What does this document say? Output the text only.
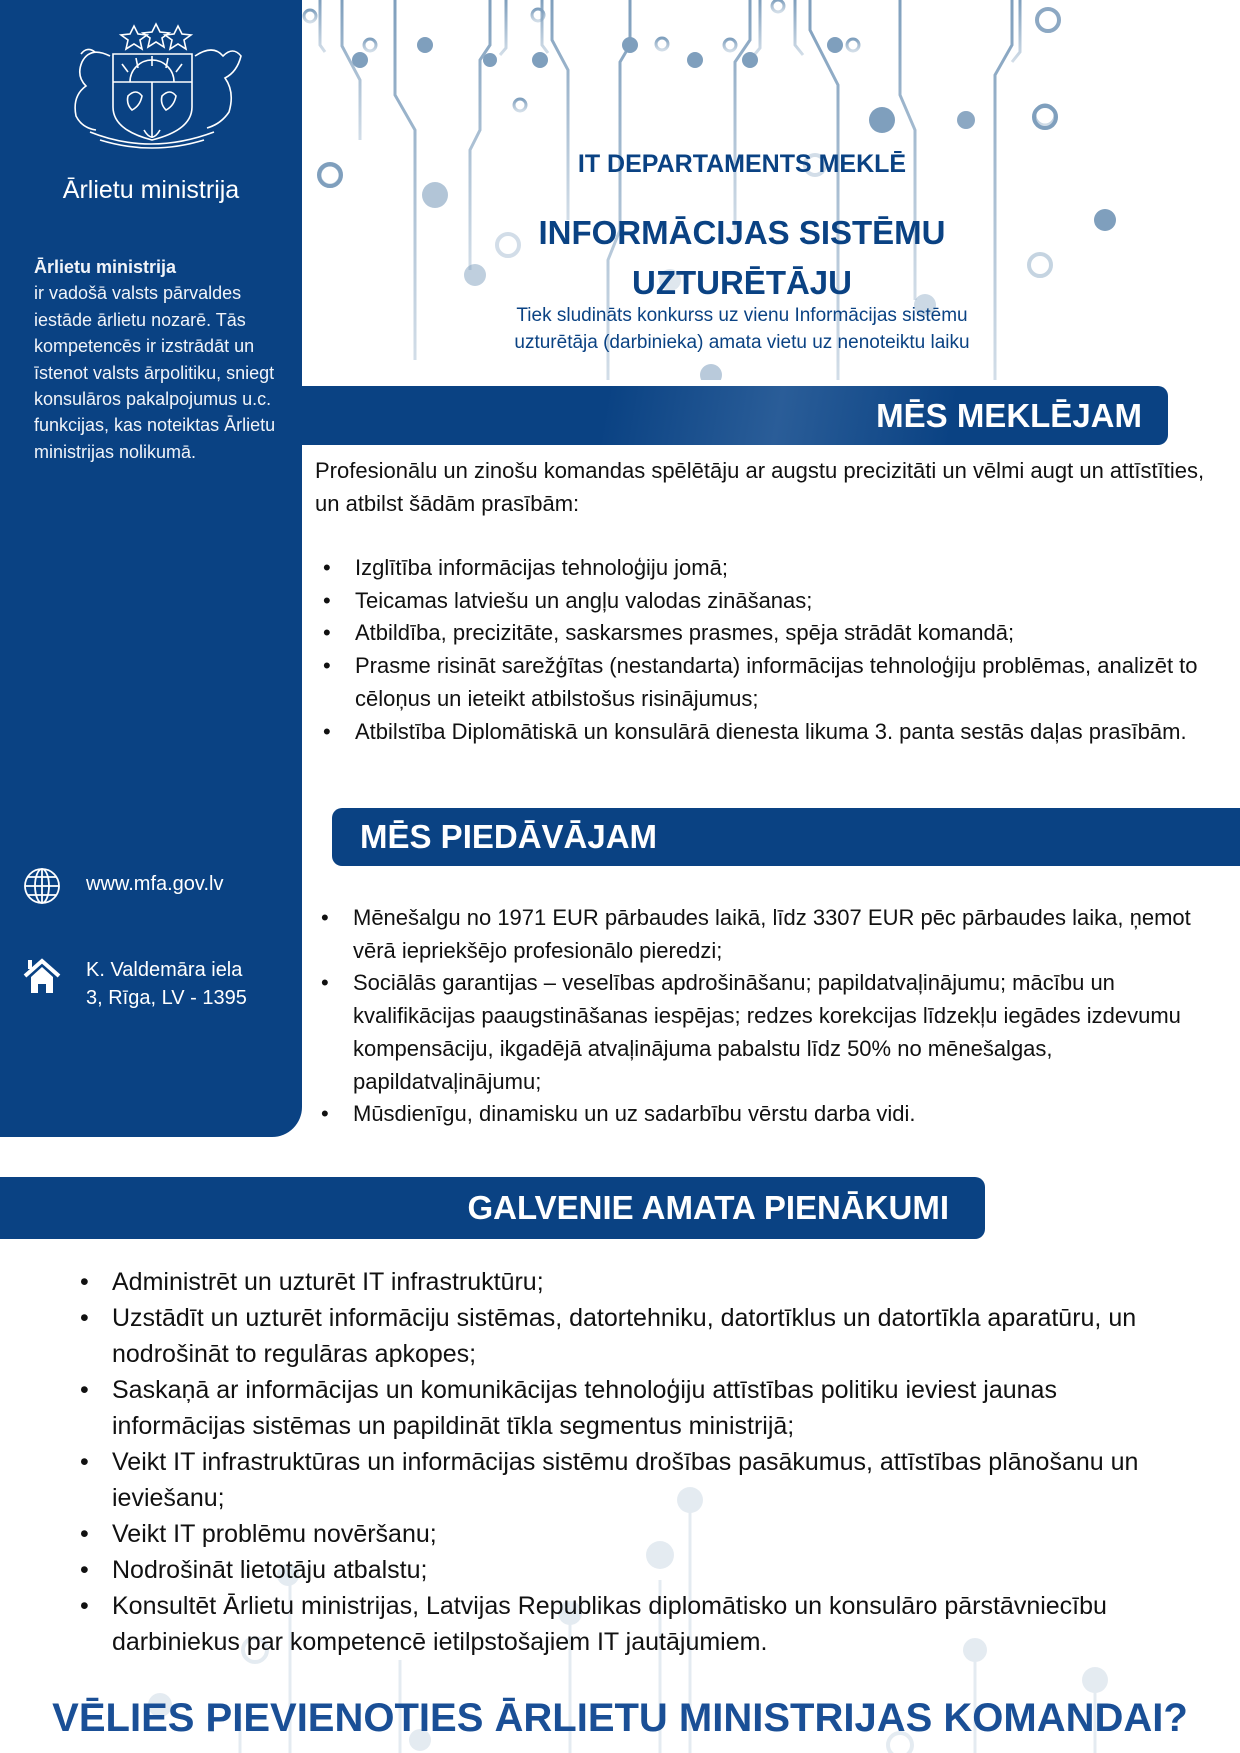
Ārlietu ministrija
Ārlietu ministrija
ir vadošā valsts pārvaldes iestāde ārlietu nozarē. Tās kompetencēs ir izstrādāt un īstenot valsts ārpolitiku, sniegt konsulāros pakalpojumus u.c. funkcijas, kas noteiktas Ārlietu ministrijas nolikumā.
www.mfa.gov.lv
K. Valdemāra iela
3, Rīga, LV - 1395
IT DEPARTAMENTS MEKLĒ
INFORMĀCIJAS SISTĒMU
UZTURĒTĀJU

Tiek sludināts konkurss uz vienu Informācijas sistēmu
uzturētāja (darbinieka) amata vietu uz nenoteiktu laiku

MĒS MEKLĒJAM

Profesionālu un zinošu komandas spēlētāju ar augstu precizitāti un vēlmi augt un attīstīties, un atbilst šādām prasībām:

• Izglītība informācijas tehnoloģiju jomā;
• Teicamas latviešu un angļu valodas zināšanas;
• Atbildība, precizitāte, saskarsmes prasmes, spēja strādāt komandā;
• Prasme risināt sarežģītas (nestandarta) informācijas tehnoloģiju problēmas, analizēt to cēloņus un ieteikt atbilstošus risinājumus;
• Atbilstība Diplomātiskā un konsulārā dienesta likuma 3. panta sestās daļas prasībām.
MĒS PIEDĀVĀJAM
• Mēnešalgu no 1971 EUR pārbaudes laikā, līdz 3307 EUR pēc pārbaudes laika, ņemot vērā iepriekšējo profesionālo pieredzi;
• Sociālās garantijas – veselības apdrošināšanu; papildatvaļinājumu; mācību un kvalifikācijas paaugstināšanas iespējas; redzes korekcijas līdzekļu iegādes izdevumu kompensāciju, ikgadējā atvaļinājuma pabalstu līdz 50% no mēnešalgas, papildatvaļinājumu;
• Mūsdienīgu, dinamisku un uz sadarbību vērstu darba vidi.
GALVENIE AMATA PIENĀKUMI
• Administrēt un uzturēt IT infrastruktūru;
• Uzstādīt un uzturēt informāciju sistēmas, datortehniku, datortīklus un datortīkla aparatūru, un nodrošināt to regulāras apkopes;
• Saskaņā ar informācijas un komunikācijas tehnoloģiju attīstības politiku ieviest jaunas informācijas sistēmas un papildināt tīkla segmentus ministrijā;
• Veikt IT infrastruktūras un informācijas sistēmu drošības pasākumus, attīstības plānošanu un ieviešanu;
• Veikt IT problēmu novēršanu;
• Nodrošināt lietotāju atbalstu;
• Konsultēt Ārlietu ministrijas, Latvijas Republikas diplomātisko un konsulāro pārstāvniecību darbiniekus par kompetencē ietilpstošajiem IT jautājumiem.
VĒLIES PIEVIENOTIES ĀRLIETU MINISTRIJAS KOMANDAI?
